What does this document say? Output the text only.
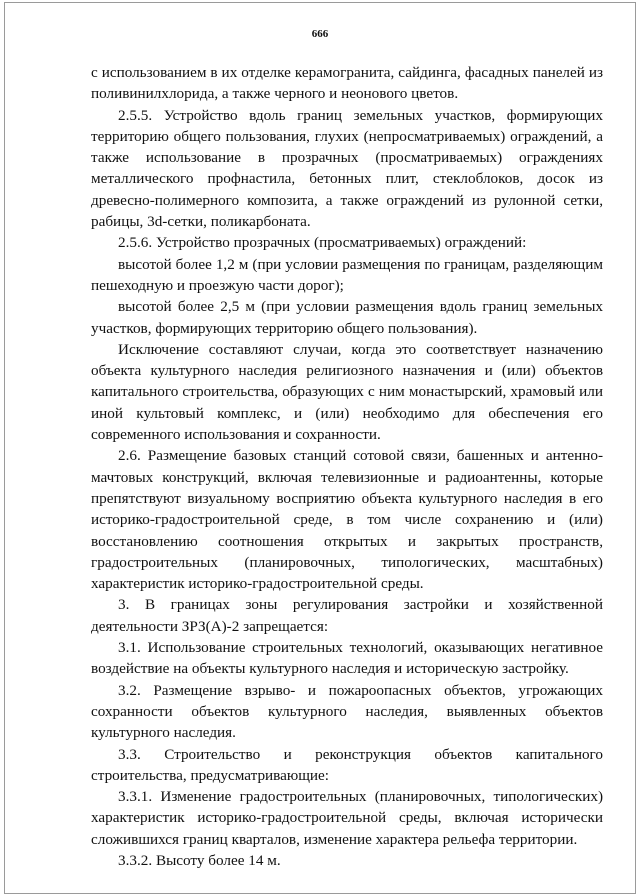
666

с использованием в их отделке керамогранита, сайдинга, фасадных панелей из поливинилхлорида, а также черного и неонового цветов.

2.5.5. Устройство вдоль границ земельных участков, формирующих территорию общего пользования, глухих (непросматриваемых) ограждений, а также использование в прозрачных (просматриваемых) ограждениях металлического профнастила, бетонных плит, стеклоблоков, досок из древесно-полимерного композита, а также ограждений из рулонной сетки, рабицы, 3d-сетки, поликарбоната.

2.5.6. Устройство прозрачных (просматриваемых) ограждений:

высотой более 1,2 м (при условии размещения по границам, разделяющим пешеходную и проезжую части дорог);

высотой более 2,5 м (при условии размещения вдоль границ земельных участков, формирующих территорию общего пользования).

Исключение составляют случаи, когда это соответствует назначению объекта культурного наследия религиозного назначения и (или) объектов капитального строительства, образующих с ним монастырский, храмовый или иной культовый комплекс, и (или) необходимо для обеспечения его современного использования и сохранности.

2.6. Размещение базовых станций сотовой связи, башенных и антенно-мачтовых конструкций, включая телевизионные и радиоантенны, которые препятствуют визуальному восприятию объекта культурного наследия в его историко-градостроительной среде, в том числе сохранению и (или) восстановлению соотношения открытых и закрытых пространств, градостроительных (планировочных, типологических, масштабных) характеристик историко-градостроительной среды.

3. В границах зоны регулирования застройки и хозяйственной деятельности ЗРЗ(А)-2 запрещается:

3.1. Использование строительных технологий, оказывающих негативное воздействие на объекты культурного наследия и историческую застройку.

3.2. Размещение взрыво- и пожароопасных объектов, угрожающих сохранности объектов культурного наследия, выявленных объектов культурного наследия.

3.3. Строительство и реконструкция объектов капитального строительства, предусматривающие:

3.3.1. Изменение градостроительных (планировочных, типологических) характеристик историко-градостроительной среды, включая исторически сложившихся границ кварталов, изменение характера рельефа территории.

3.3.2. Высоту более 14 м.
